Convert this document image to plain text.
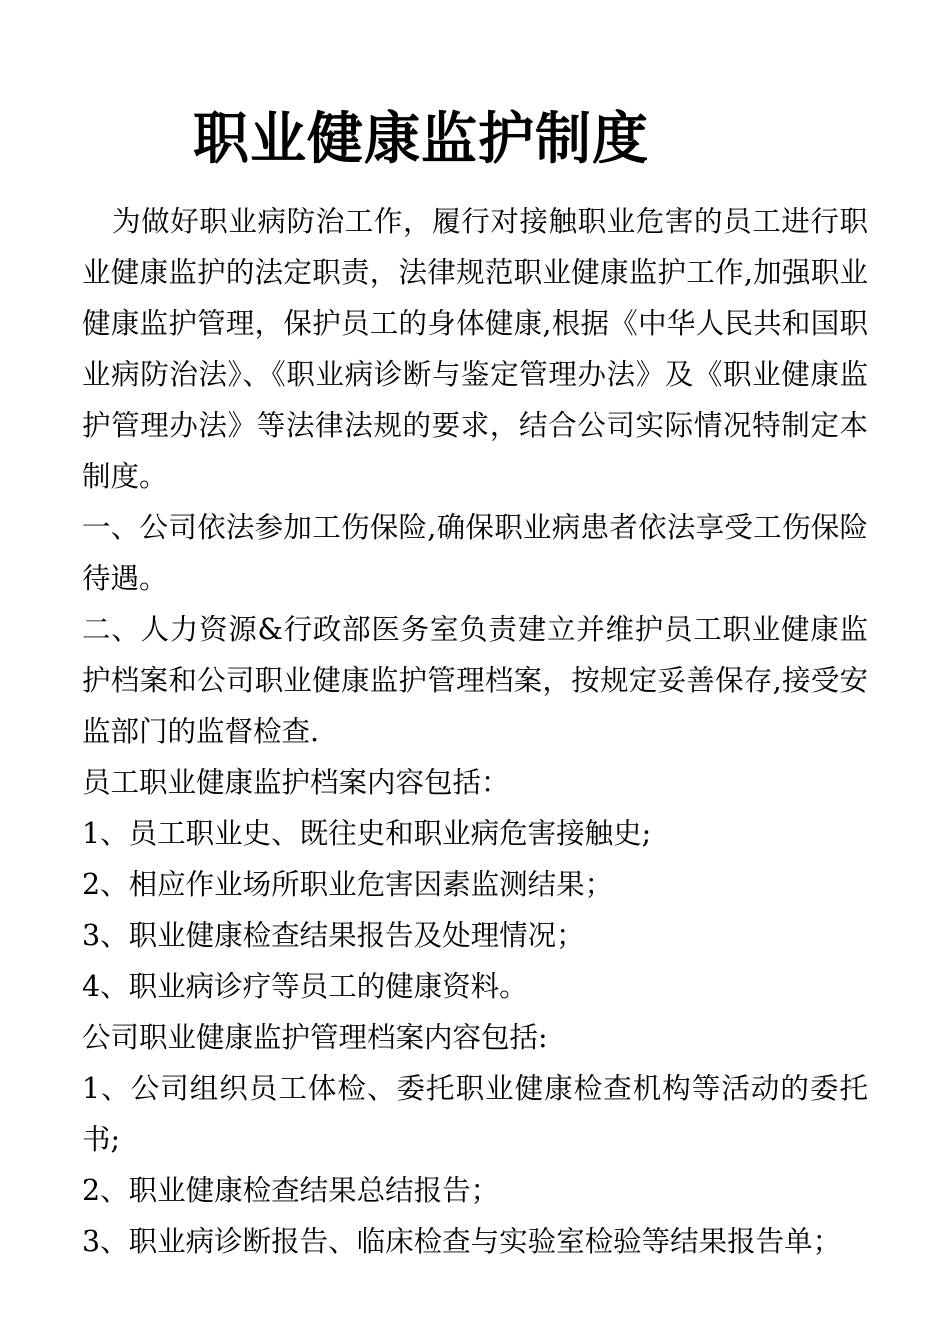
职业健康监护制度

为做好职业病防治工作，履行对接触职业危害的员工进行职业健康监护的法定职责，法律规范职业健康监护工作,加强职业健康监护管理，保护员工的身体健康,根据《中华人民共和国职业病防治法》、《职业病诊断与鉴定管理办法》及《职业健康监护管理办法》等法律法规的要求，结合公司实际情况特制定本制度。

一、公司依法参加工伤保险,确保职业病患者依法享受工伤保险待遇。

二、人力资源&行政部医务室负责建立并维护员工职业健康监护档案和公司职业健康监护管理档案，按规定妥善保存,接受安监部门的监督检查.

员工职业健康监护档案内容包括：

1、员工职业史、既往史和职业病危害接触史;

2、相应作业场所职业危害因素监测结果；

3、职业健康检查结果报告及处理情况；

4、职业病诊疗等员工的健康资料。

公司职业健康监护管理档案内容包括:

1、公司组织员工体检、委托职业健康检查机构等活动的委托书;

2、职业健康检查结果总结报告；

3、职业病诊断报告、临床检查与实验室检验等结果报告单；
